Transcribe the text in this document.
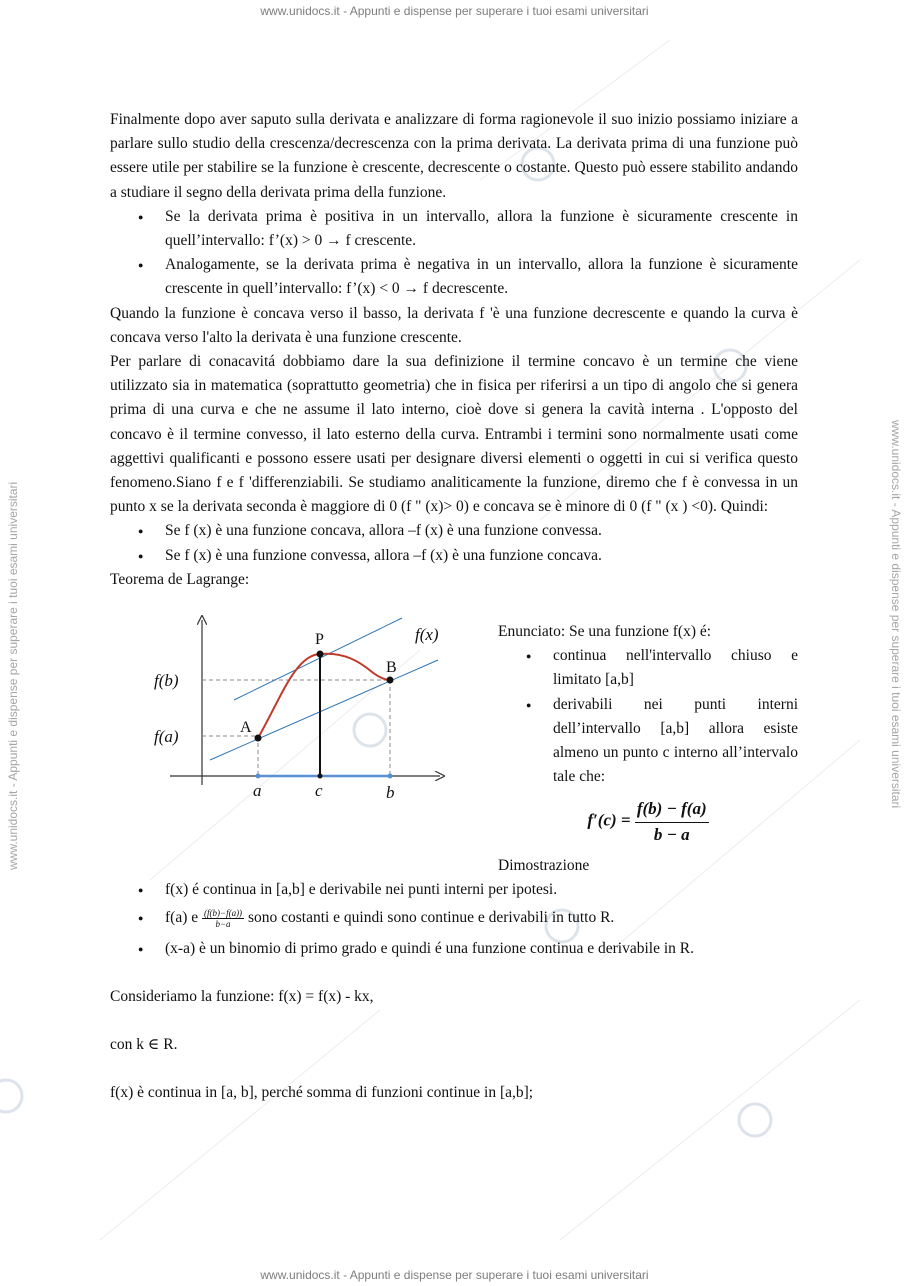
www.unidocs.it - Appunti e dispense per superare i tuoi esami universitari
www.unidocs.it - Appunti e dispense per superare i tuoi esami universitari
www.unidocs.it - Appunti e dispense per superare i tuoi esami universitari	www.unidocs.it - Appunti e dispense per superare i tuoi esami universitari

Finalmente dopo aver saputo sulla derivata e analizzare di forma ragionevole il suo inizio possiamo iniziare a parlare sullo studio della crescenza/decrescenza con la prima derivata. La derivata prima di una funzione può essere utile per stabilire se la funzione è crescente, decrescente o costante. Questo può essere stabilito andando a studiare il segno della derivata prima della funzione.

● Se la derivata prima è positiva in un intervallo, allora la funzione è sicuramente crescente in quell’intervallo: f’(x) > 0 → f crescente.
● Analogamente, se la derivata prima è negativa in un intervallo, allora la funzione è sicuramente crescente in quell’intervallo: f’(x) < 0 → f decrescente.

Quando la funzione è concava verso il basso, la derivata f 'è una funzione decrescente e quando la curva è concava verso l'alto la derivata è una funzione crescente.

Per parlare di conacavitá dobbiamo dare la sua definizione il termine concavo è un termine che viene utilizzato sia in matematica (soprattutto geometria) che in fisica per riferirsi a un tipo di angolo che si genera prima di una curva e che ne assume il lato interno, cioè dove si genera la cavità interna . L'opposto del concavo è il termine convesso, il lato esterno della curva. Entrambi i termini sono normalmente usati come aggettivi qualificanti e possono essere usati per designare diversi elementi o oggetti in cui si verifica questo fenomeno.Siano f e f 'differenziabili. Se studiamo analiticamente la funzione, diremo che f è convessa in un punto x se la derivata seconda è maggiore di 0 (f " (x)> 0) e concava se è minore di 0 (f " (x ) <0). Quindi:

● Se f (x) è una funzione concava, allora –f (x) è una funzione convessa.
● Se f (x) è una funzione convessa, allora –f (x) è una funzione concava.

Teorema de Lagrange:

f(x)
P
B
A
f(b)
f(a)
a	c	b

Enunciato: Se una funzione f(x) é:

● continua nell'intervallo chiuso e limitato [a,b]
● derivabili nei punti interni dell’intervallo [a,b] allora esiste almeno un punto c interno all’intervalo tale che:
$f'(c) = \frac{f(b) - f(a)}{b - a}$

Dimostrazione

● f(x) é continua in [a,b] e derivabile nei punti interni per ipotesi.
● f(a) e $\frac{(f(b)-f(a))}{b-a}$ sono costanti e quindi sono continue e derivabili in tutto R.
● (x-a) è un binomio di primo grado e quindi é una funzione continua e derivabile in R.

Consideriamo la funzione: f(x) = f(x) - kx,

con k ∈ R.

f(x) è continua in [a, b], perché somma di funzioni continue in [a,b];
